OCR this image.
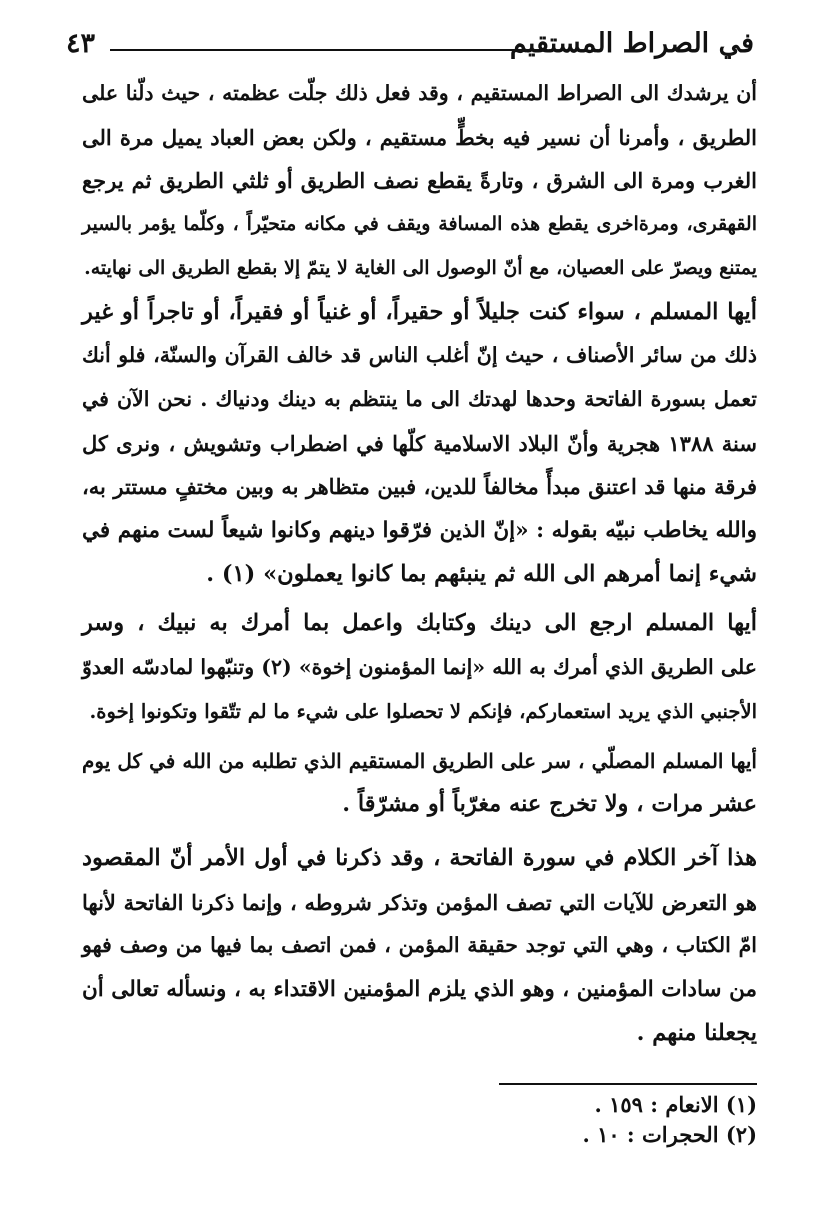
في الصراط المستقيم
٤٣

أن يرشدك الى الصراط المستقيم ، وقد فعل ذلك جلّت عظمته ، حيث دلّنا على

الطريق ، وأمرنا أن نسير فيه بخطٍّ مستقيم ، ولكن بعض العباد يميل مرة الى

الغرب ومرة الى الشرق ، وتارةً يقطع نصف الطريق أو ثلثي الطريق ثم يرجع

القهقرى، ومرةاخرى يقطع هذه المسافة ويقف في مكانه متحيّراً ، وكلّما يؤمر بالسير

يمتنع ويصرّ على العصيان، مع أنّ الوصول الى الغاية لا يتمّ إلا بقطع الطريق الى نهايته.

أيها المسلم ، سواء كنت جليلاً أو حقيراً، أو غنياً أو فقيراً، أو تاجراً أو غير

ذلك من سائر الأصناف ، حيث إنّ أغلب الناس قد خالف القرآن والسنّة، فلو أنك

تعمل بسورة الفاتحة وحدها لهدتك الى ما ينتظم به دينك ودنياك . نحن الآن في

سنة ١٣٨٨ هجرية وأنّ البلاد الاسلامية كلّها في اضطراب وتشويش ، ونرى كل

فرقة منها قد اعتنق مبدأً مخالفاً للدين، فبين متظاهر به وبين مختفٍ مستتر به،

والله يخاطب نبيّه بقوله : «إنّ الذين فرّقوا دينهم وكانوا شيعاً لست منهم في

شيء إنما أمرهم الى الله ثم ينبئهم بما كانوا يعملون» (١) .

أيها المسلم ارجع الى دينك وكتابك واعمل بما أمرك به نبيك ، وسر

على الطريق الذي أمرك به الله «إنما المؤمنون إخوة» (٢) وتنبّهوا لمادسّه العدوّ

الأجنبي الذي يريد استعماركم، فإنكم لا تحصلوا على شيء ما لم تتّقوا وتكونوا إخوة.

أيها المسلم المصلّي ، سر على الطريق المستقيم الذي تطلبه من الله في كل يوم

عشر مرات ، ولا تخرج عنه مغرّباً أو مشرّقاً .

هذا آخر الكلام في سورة الفاتحة ، وقد ذكرنا في أول الأمر أنّ المقصود

هو التعرض للآيات التي تصف المؤمن وتذكر شروطه ، وإنما ذكرنا الفاتحة لأنها

امّ الكتاب ، وهي التي توجد حقيقة المؤمن ، فمن اتصف بما فيها من وصف فهو

من سادات المؤمنين ، وهو الذي يلزم المؤمنين الاقتداء به ، ونسأله تعالى أن

يجعلنا منهم .

(١) الانعام : ١٥٩ .
(٢) الحجرات : ١٠ .
